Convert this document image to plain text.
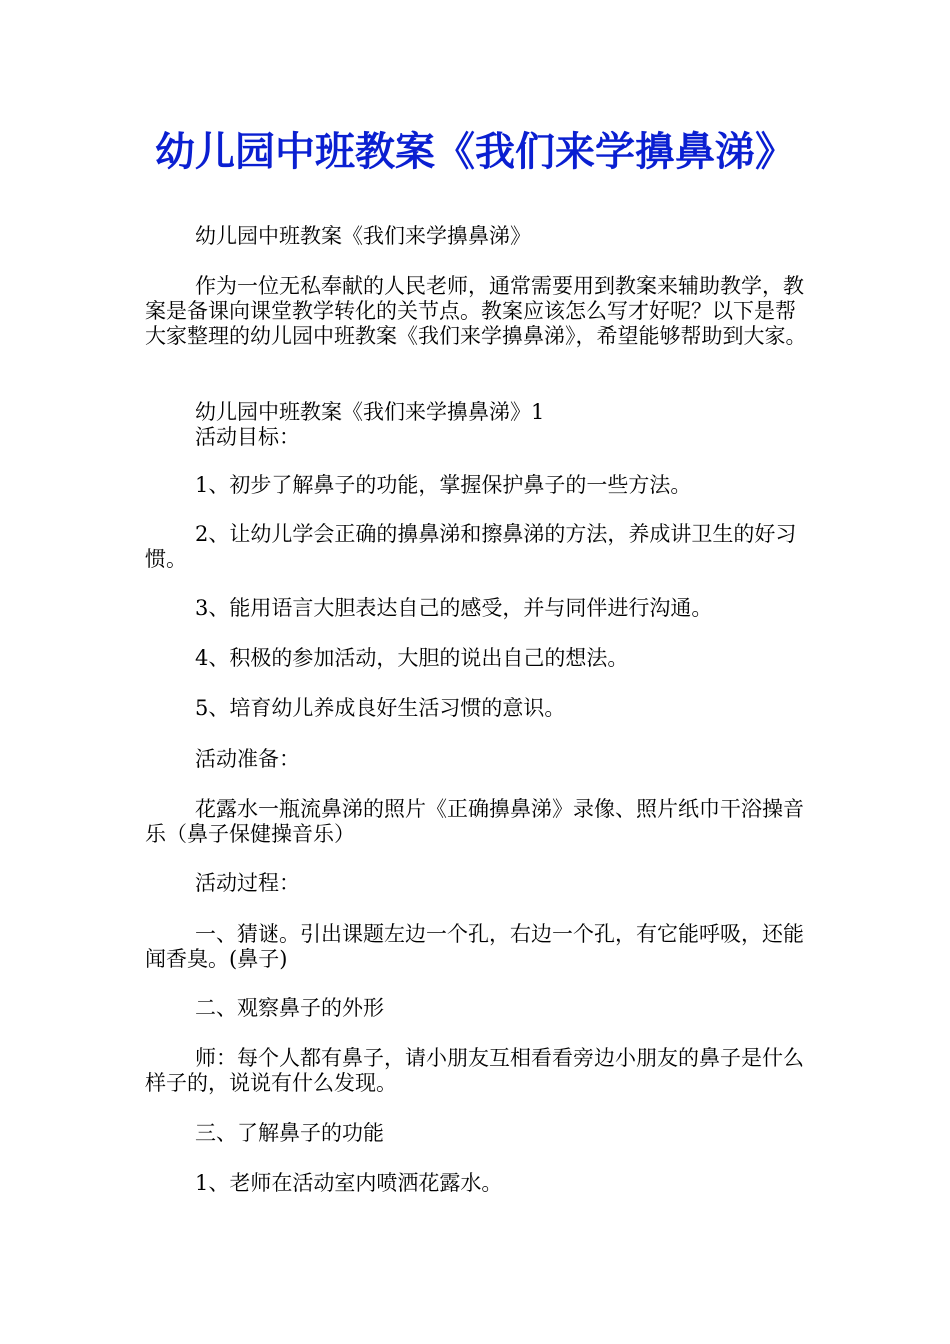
幼儿园中班教案《我们来学擤鼻涕》

幼儿园中班教案《我们来学擤鼻涕》

作为一位无私奉献的人民老师，通常需要用到教案来辅助教学，教案是备课向课堂教学转化的关节点。教案应该怎么写才好呢？以下是帮大家整理的幼儿园中班教案《我们来学擤鼻涕》，希望能够帮助到大家。

幼儿园中班教案《我们来学擤鼻涕》1

活动目标：

1、初步了解鼻子的功能，掌握保护鼻子的一些方法。

2、让幼儿学会正确的擤鼻涕和擦鼻涕的方法，养成讲卫生的好习惯。

3、能用语言大胆表达自己的感受，并与同伴进行沟通。

4、积极的参加活动，大胆的说出自己的想法。

5、培育幼儿养成良好生活习惯的意识。

活动准备：

花露水一瓶流鼻涕的照片《正确擤鼻涕》录像、照片纸巾干浴操音乐（鼻子保健操音乐）

活动过程：

一、猜谜。引出课题左边一个孔，右边一个孔，有它能呼吸，还能闻香臭。(鼻子)

二、观察鼻子的外形

师：每个人都有鼻子，请小朋友互相看看旁边小朋友的鼻子是什么样子的，说说有什么发现。

三、了解鼻子的功能

1、老师在活动室内喷洒花露水。
